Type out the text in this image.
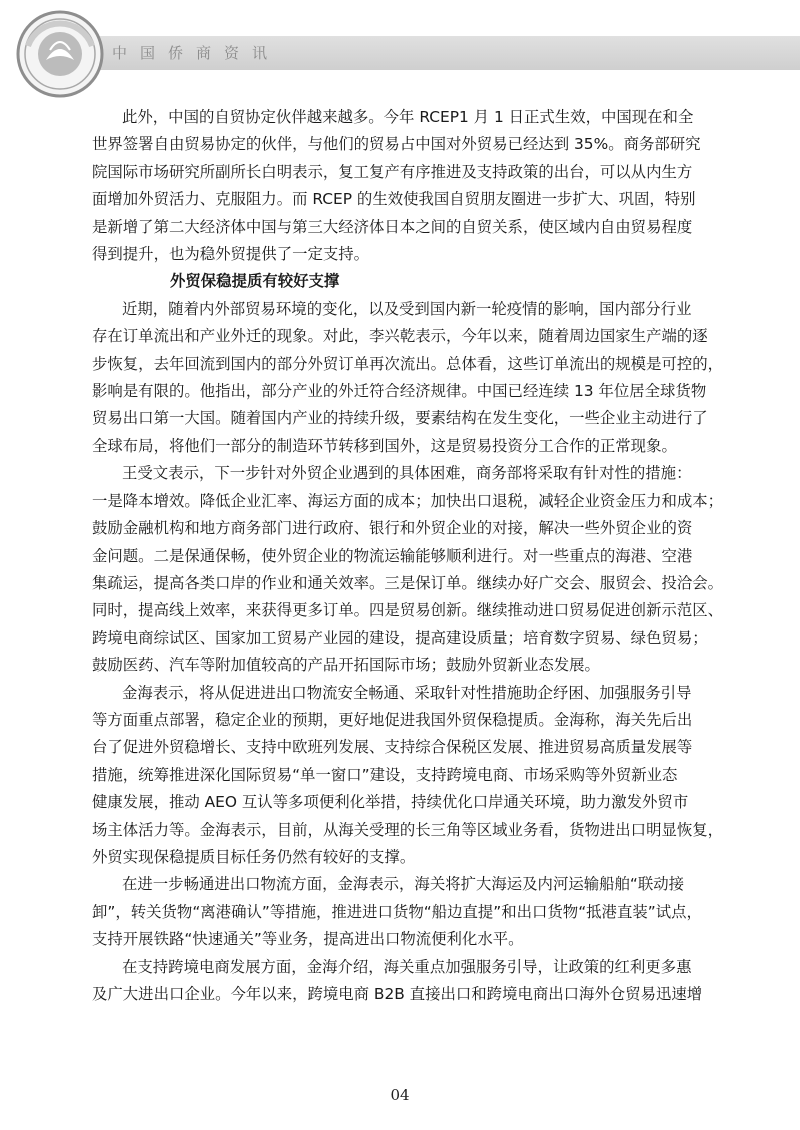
中国侨商资讯
此外，中国的自贸协定伙伴越来越多。今年 RCEP1 月 1 日正式生效，中国现在和全
世界签署自由贸易协定的伙伴，与他们的贸易占中国对外贸易已经达到 35%。商务部研究
院国际市场研究所副所长白明表示，复工复产有序推进及支持政策的出台，可以从内生方
面增加外贸活力、克服阻力。而 RCEP 的生效使我国自贸朋友圈进一步扩大、巩固，特别
是新增了第二大经济体中国与第三大经济体日本之间的自贸关系，使区域内自由贸易程度
得到提升，也为稳外贸提供了一定支持。
外贸保稳提质有较好支撑
近期，随着内外部贸易环境的变化，以及受到国内新一轮疫情的影响，国内部分行业
存在订单流出和产业外迁的现象。对此，李兴乾表示，今年以来，随着周边国家生产端的逐
步恢复，去年回流到国内的部分外贸订单再次流出。总体看，这些订单流出的规模是可控的，
影响是有限的。他指出，部分产业的外迁符合经济规律。中国已经连续 13 年位居全球货物
贸易出口第一大国。随着国内产业的持续升级，要素结构在发生变化，一些企业主动进行了
全球布局，将他们一部分的制造环节转移到国外，这是贸易投资分工合作的正常现象。
王受文表示，下一步针对外贸企业遇到的具体困难，商务部将采取有针对性的措施：
一是降本增效。降低企业汇率、海运方面的成本；加快出口退税，减轻企业资金压力和成本；
鼓励金融机构和地方商务部门进行政府、银行和外贸企业的对接，解决一些外贸企业的资
金问题。二是保通保畅，使外贸企业的物流运输能够顺利进行。对一些重点的海港、空港
集疏运，提高各类口岸的作业和通关效率。三是保订单。继续办好广交会、服贸会、投洽会。
同时，提高线上效率，来获得更多订单。四是贸易创新。继续推动进口贸易促进创新示范区、
跨境电商综试区、国家加工贸易产业园的建设，提高建设质量；培育数字贸易、绿色贸易；
鼓励医药、汽车等附加值较高的产品开拓国际市场；鼓励外贸新业态发展。
金海表示，将从促进进出口物流安全畅通、采取针对性措施助企纾困、加强服务引导
等方面重点部署，稳定企业的预期，更好地促进我国外贸保稳提质。金海称，海关先后出
台了促进外贸稳增长、支持中欧班列发展、支持综合保税区发展、推进贸易高质量发展等
措施，统筹推进深化国际贸易“单一窗口”建设，支持跨境电商、市场采购等外贸新业态
健康发展，推动 AEO 互认等多项便利化举措，持续优化口岸通关环境，助力激发外贸市
场主体活力等。金海表示，目前，从海关受理的长三角等区域业务看，货物进出口明显恢复，
外贸实现保稳提质目标任务仍然有较好的支撑。
在进一步畅通进出口物流方面，金海表示，海关将扩大海运及内河运输船舶“联动接
卸”，转关货物“离港确认”等措施，推进进口货物“船边直提”和出口货物“抵港直装”试点，
支持开展铁路“快速通关”等业务，提高进出口物流便利化水平。
在支持跨境电商发展方面，金海介绍，海关重点加强服务引导，让政策的红利更多惠
及广大进出口企业。今年以来，跨境电商 B2B 直接出口和跨境电商出口海外仓贸易迅速增
04
